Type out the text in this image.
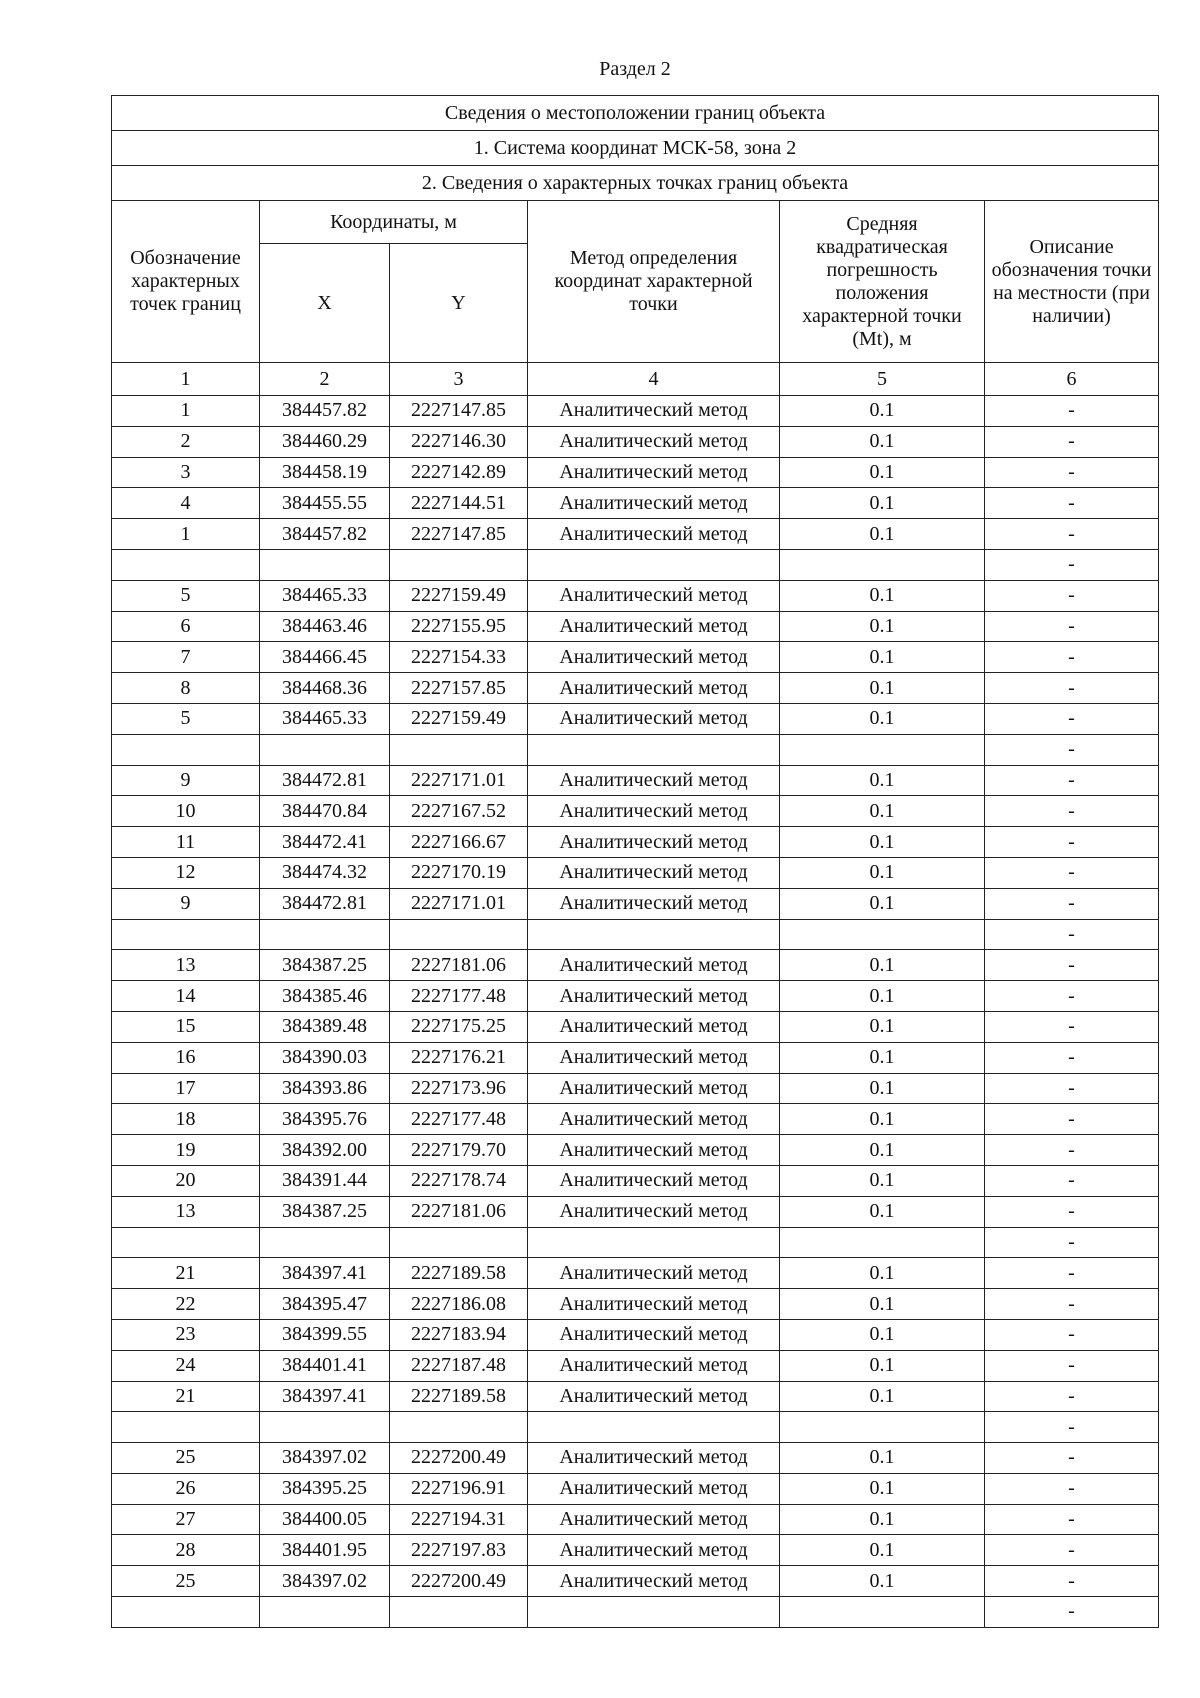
Раздел 2
Сведения о местоположении границ объекта					
1. Система координат МСК-58, зона 2					
2. Сведения о характерных точках границ объекта					
Обозначение характерных точек границ	Координаты, м		Метод определения координат характерной точки	Средняя квадратическая погрешность положения характерной точки (Mt), м	Описание обозначения точки на местности (при наличии)
	X	Y			
1	2	3	4	5	6
1	384457.82	2227147.85	Аналитический метод	0.1	-
2	384460.29	2227146.30	Аналитический метод	0.1	-
3	384458.19	2227142.89	Аналитический метод	0.1	-
4	384455.55	2227144.51	Аналитический метод	0.1	-
1	384457.82	2227147.85	Аналитический метод	0.1	-
					-
5	384465.33	2227159.49	Аналитический метод	0.1	-
6	384463.46	2227155.95	Аналитический метод	0.1	-
7	384466.45	2227154.33	Аналитический метод	0.1	-
8	384468.36	2227157.85	Аналитический метод	0.1	-
5	384465.33	2227159.49	Аналитический метод	0.1	-
					-
9	384472.81	2227171.01	Аналитический метод	0.1	-
10	384470.84	2227167.52	Аналитический метод	0.1	-
11	384472.41	2227166.67	Аналитический метод	0.1	-
12	384474.32	2227170.19	Аналитический метод	0.1	-
9	384472.81	2227171.01	Аналитический метод	0.1	-
					-
13	384387.25	2227181.06	Аналитический метод	0.1	-
14	384385.46	2227177.48	Аналитический метод	0.1	-
15	384389.48	2227175.25	Аналитический метод	0.1	-
16	384390.03	2227176.21	Аналитический метод	0.1	-
17	384393.86	2227173.96	Аналитический метод	0.1	-
18	384395.76	2227177.48	Аналитический метод	0.1	-
19	384392.00	2227179.70	Аналитический метод	0.1	-
20	384391.44	2227178.74	Аналитический метод	0.1	-
13	384387.25	2227181.06	Аналитический метод	0.1	-
					-
21	384397.41	2227189.58	Аналитический метод	0.1	-
22	384395.47	2227186.08	Аналитический метод	0.1	-
23	384399.55	2227183.94	Аналитический метод	0.1	-
24	384401.41	2227187.48	Аналитический метод	0.1	-
21	384397.41	2227189.58	Аналитический метод	0.1	-
					-
25	384397.02	2227200.49	Аналитический метод	0.1	-
26	384395.25	2227196.91	Аналитический метод	0.1	-
27	384400.05	2227194.31	Аналитический метод	0.1	-
28	384401.95	2227197.83	Аналитический метод	0.1	-
25	384397.02	2227200.49	Аналитический метод	0.1	-
					-
